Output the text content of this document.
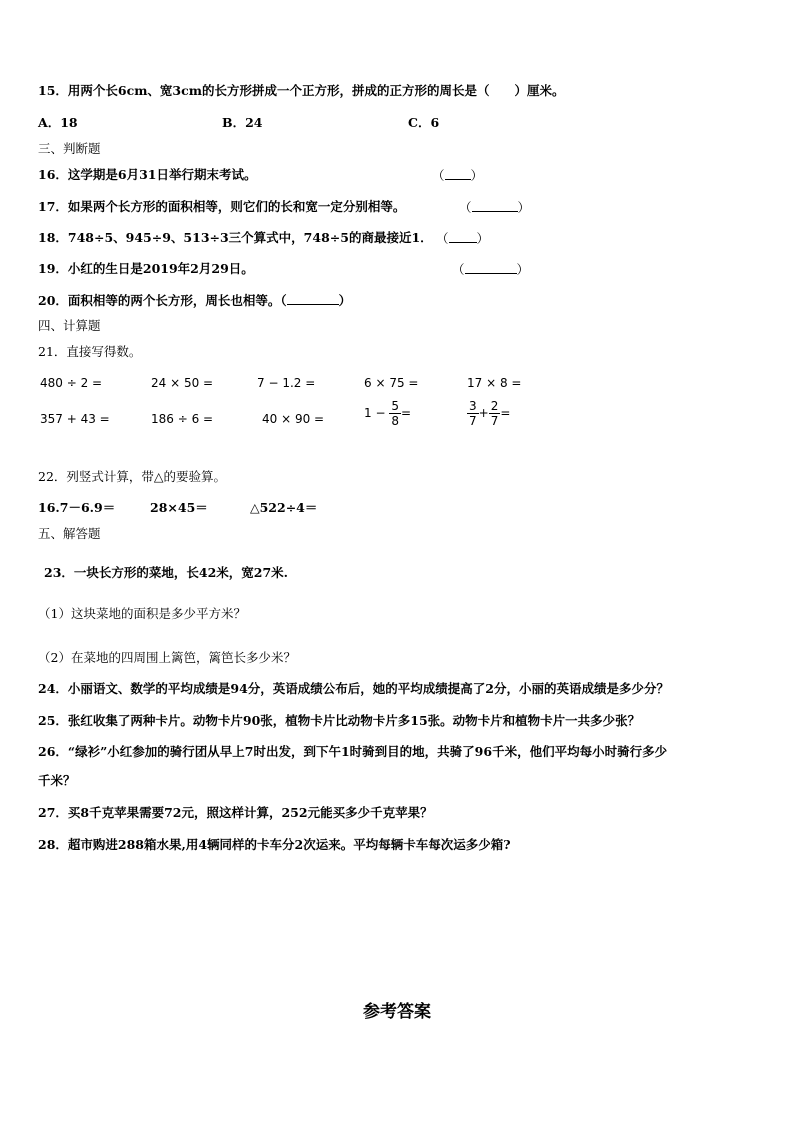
15．用两个长6cm、宽3cm的长方形拼成一个正方形，拼成的正方形的周长是（　　）厘米。
A．18	B．24	C．6
三、判断题
16．这学期是6月31日举行期末考试。	（ ）
17．如果两个长方形的面积相等，则它们的长和宽一定分别相等。	（	）
18．748÷5、945÷9、513÷3三个算式中，748÷5的商最接近1． （ ）
19．小红的生日是2019年2月29日。	（	）
20．面积相等的两个长方形，周长也相等。（	）
四、计算题
21．直接写得数。
480 ÷ 2 =	24 × 50 =	7 − 1.2 =	6 × 75 =	17 × 8 =
357 + 43 =	186 ÷ 6 =	40 × 90 =	$1 - \frac{5}{8}$ =	$\frac{3}{7} + \frac{2}{7}$ =
22．列竖式计算，带△的要验算。
16.7－6.9＝	28×45＝	△522÷4＝
五、解答题
23．一块长方形的菜地，长42米，宽27米.
（1）这块菜地的面积是多少平方米？
（2）在菜地的四周围上篱笆，篱笆长多少米？
24．小丽语文、数学的平均成绩是94分，英语成绩公布后，她的平均成绩提高了2分，小丽的英语成绩是多少分？
25．张红收集了两种卡片。动物卡片90张，植物卡片比动物卡片多15张。动物卡片和植物卡片一共多少张？
26．“绿衫”小红参加的骑行团从早上7时出发，到下午1时骑到目的地，共骑了96千米，他们平均每小时骑行多少
千米？
27．买8千克苹果需要72元，照这样计算，252元能买多少千克苹果？
28．超市购进288箱水果,用4辆同样的卡车分2次运来。平均每辆卡车每次运多少箱?
参考答案
